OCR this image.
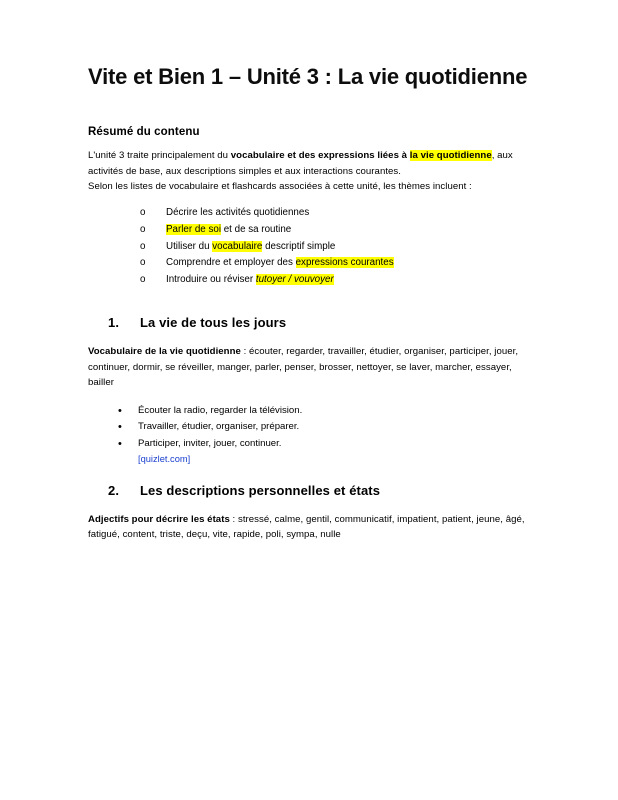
Vite et Bien 1 – Unité 3 : La vie quotidienne
Résumé du contenu

L'unité 3 traite principalement du vocabulaire et des expressions liées à la vie quotidienne, aux activités de base, aux descriptions simples et aux interactions courantes.

Selon les listes de vocabulaire et flashcards associées à cette unité, les thèmes incluent :

o Décrire les activités quotidiennes
o Parler de soi et de sa routine
o Utiliser du vocabulaire descriptif simple
o Comprendre et employer des expressions courantes
o Introduire ou réviser tutoyer / vouvoyer
1. La vie de tous les jours

Vocabulaire de la vie quotidienne : écouter, regarder, travailler, étudier, organiser, participer, jouer, continuer, dormir, se réveiller, manger, parler, penser, brosser, nettoyer, se laver, marcher, essayer, bailler

• Écouter la radio, regarder la télévision.
• Travailler, étudier, organiser, préparer.
• Participer, inviter, jouer, continuer.
[quizlet.com]
2. Les descriptions personnelles et états

Adjectifs pour décrire les états : stressé, calme, gentil, communicatif, impatient, patient, jeune, âgé, fatigué, content, triste, deçu, vite, rapide, poli, sympa, nulle
